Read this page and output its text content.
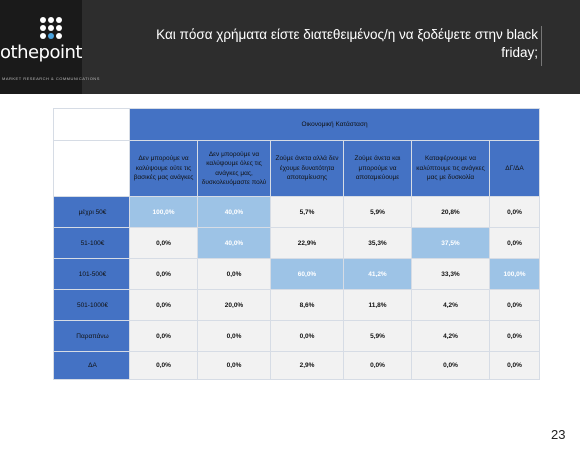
othepoint
MARKET RESEARCH & COMMUNICATIONS
Και πόσα χρήματα είστε διατεθειμένος/η να ξοδέψετε στην black friday;
	Οικονομική Κατάσταση					
	Δεν μπορούμε να καλύψουμε ούτε τις βασικές μας ανάγκες	Δεν μπορούμε να καλύψουμε όλες τις ανάγκες μας, δυσκολευόμαστε πολύ	Ζούμε άνετα αλλά δεν έχουμε δυνατότητα αποταμίευσης	Ζούμε άνετα και μπορούμε να αποταμιεύουμε	Καταφέρνουμε να καλύπτουμε τις ανάγκες μας με δυσκολία	ΔΓ/ΔΑ
μέχρι 50€	100,0%	40,0%	5,7%	5,9%	20,8%	0,0%
51-100€	0,0%	40,0%	22,9%	35,3%	37,5%	0,0%
101-500€	0,0%	0,0%	60,0%	41,2%	33,3%	100,0%
501-1000€	0,0%	20,0%	8,6%	11,8%	4,2%	0,0%
Παραπάνω	0,0%	0,0%	0,0%	5,9%	4,2%	0,0%
ΔΑ	0,0%	0,0%	2,9%	0,0%	0,0%	0,0%
23
